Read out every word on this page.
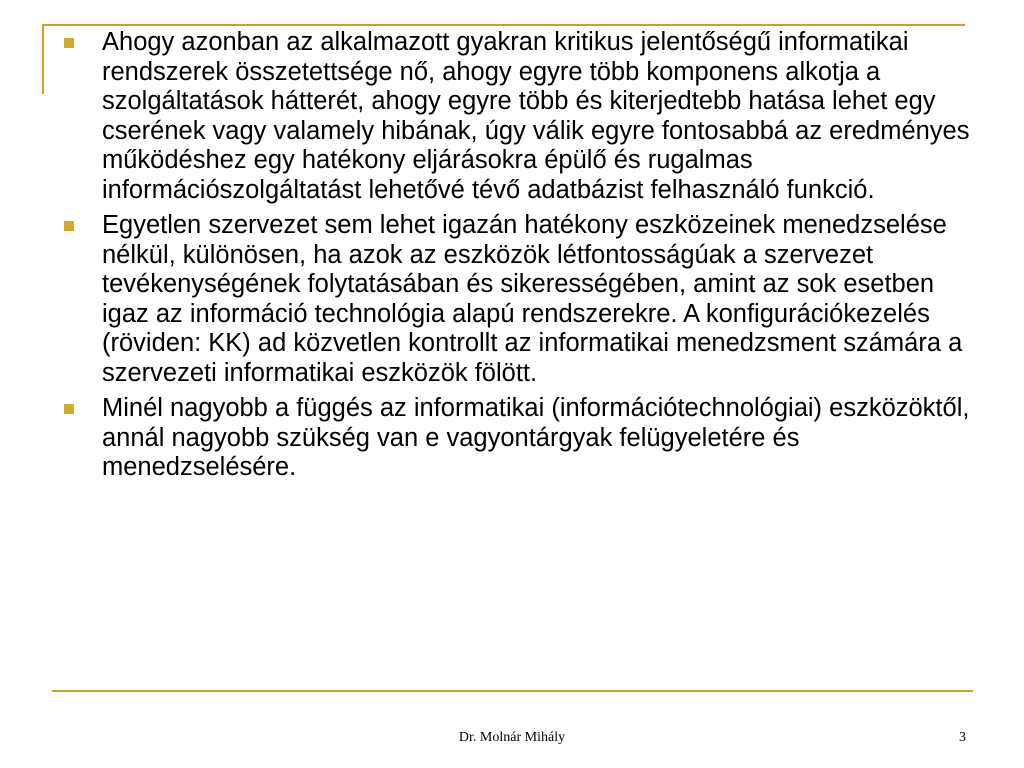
Ahogy azonban az alkalmazott gyakran kritikus jelentőségű informatikai rendszerek összetettsége nő, ahogy egyre több komponens alkotja a szolgáltatások hátterét, ahogy egyre több és kiterjedtebb hatása lehet egy cserének vagy valamely hibának, úgy válik egyre fontosabbá az eredményes működéshez egy hatékony eljárásokra épülő és rugalmas információszolgáltatást lehetővé tévő adatbázist felhasználó funkció.
Egyetlen szervezet sem lehet igazán hatékony eszközeinek menedzselése nélkül, különösen, ha azok az eszközök létfontosságúak a szervezet tevékenységének folytatásában és sikerességében, amint az sok esetben igaz az információ technológia alapú rendszerekre. A konfigurációkezelés (röviden: KK) ad közvetlen kontrollt az informatikai menedzsment számára a szervezeti informatikai eszközök fölött.
Minél nagyobb a függés az informatikai (információtechnológiai) eszközöktől, annál nagyobb szükség van e vagyontárgyak felügyeletére és menedzselésére.
Dr. Molnár Mihály	3
